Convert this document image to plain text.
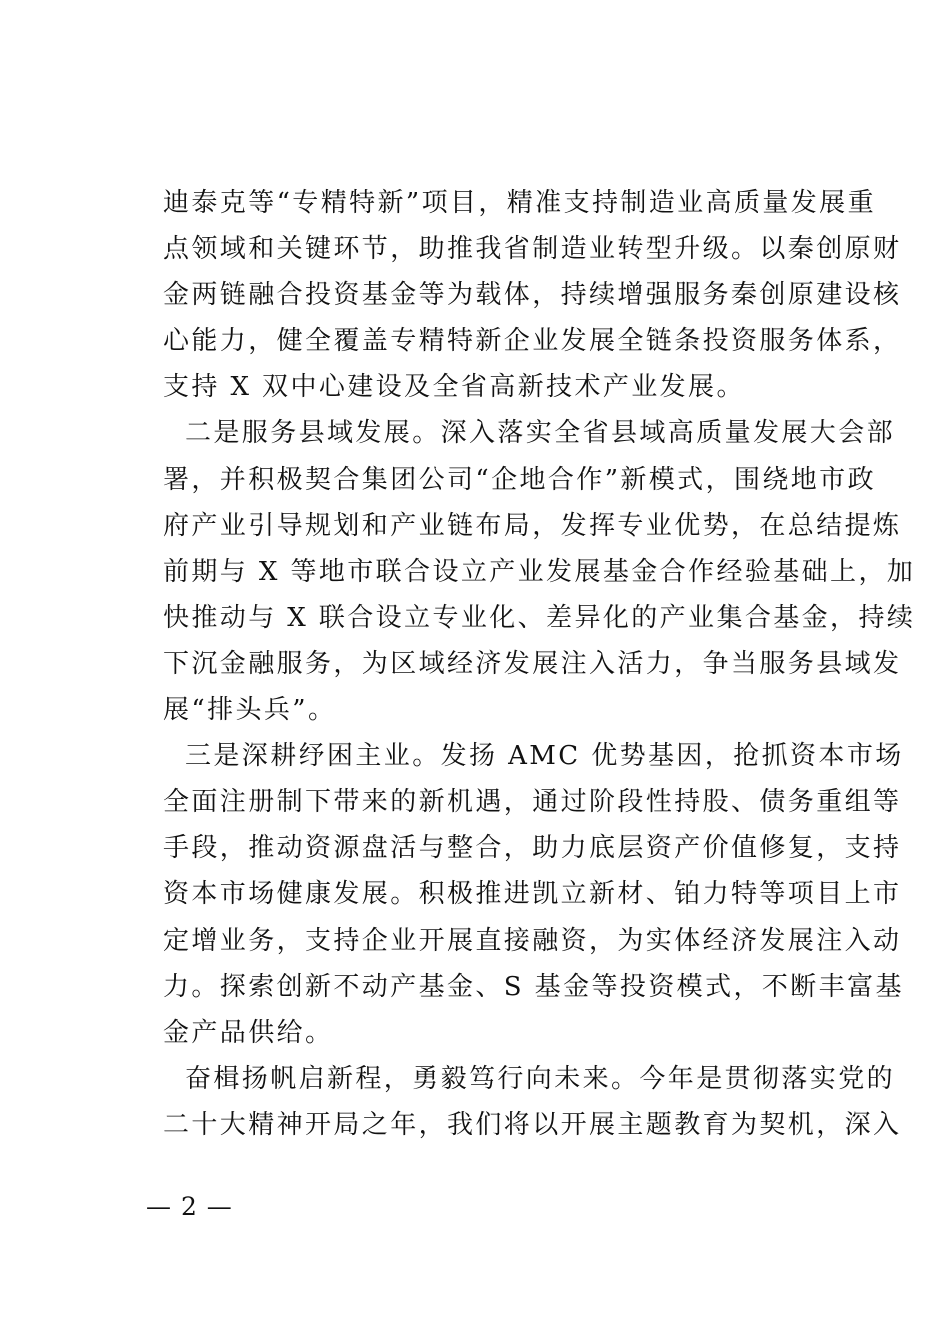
迪泰克等“专精特新”项目，精准支持制造业高质量发展重
点领域和关键环节，助推我省制造业转型升级。以秦创原财
金两链融合投资基金等为载体，持续增强服务秦创原建设核
心能力，健全覆盖专精特新企业发展全链条投资服务体系，
支持 X 双中心建设及全省高新技术产业发展。
二是服务县域发展。深入落实全省县域高质量发展大会部
署，并积极契合集团公司“企地合作”新模式，围绕地市政
府产业引导规划和产业链布局，发挥专业优势，在总结提炼
前期与 X 等地市联合设立产业发展基金合作经验基础上，加
快推动与 X 联合设立专业化、差异化的产业集合基金，持续
下沉金融服务，为区域经济发展注入活力，争当服务县域发
展“排头兵”。
三是深耕纾困主业。发扬 AMC 优势基因，抢抓资本市场
全面注册制下带来的新机遇，通过阶段性持股、债务重组等
手段，推动资源盘活与整合，助力底层资产价值修复，支持
资本市场健康发展。积极推进凯立新材、铂力特等项目上市
定增业务，支持企业开展直接融资，为实体经济发展注入动
力。探索创新不动产基金、S 基金等投资模式，不断丰富基
金产品供给。
奋楫扬帆启新程，勇毅笃行向未来。今年是贯彻落实党的
二十大精神开局之年，我们将以开展主题教育为契机，深入
— 2 —
